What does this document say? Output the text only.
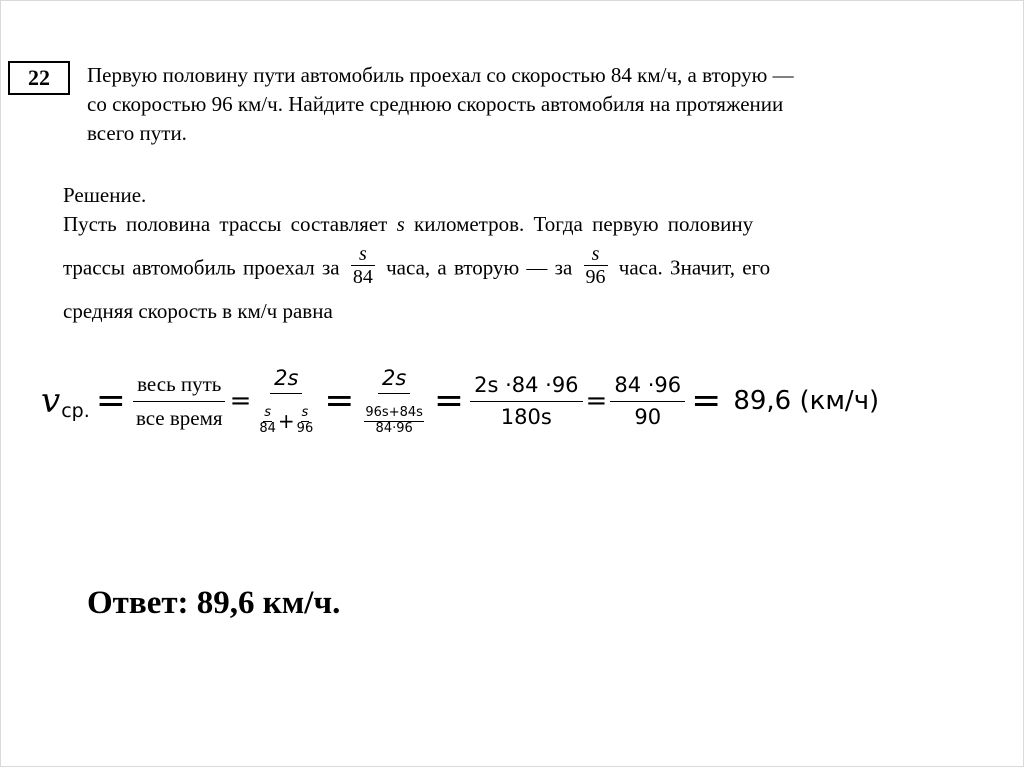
22	Первую половину пути автомобиль проехал со скоростью 84 км/ч, а вторую —
со скоростью 96 км/ч. Найдите среднюю скорость автомобиля на протяжении
всего пути.
Решение.
Пусть половина трассы составляет s километров. Тогда первую половину
трассы автомобиль проехал за $\frac{s}{84}$ часа, а вторую — за $\frac{s}{96}$ часа. Значит, его
средняя скорость в км/ч равна
v ср. = весь путь
все время
=
2s
$\frac{s}{84} + \frac{s}{96}$
= $\frac{2s}{\frac{96s+84s}{84\cdot 96}} = \frac{2s \cdot 84 \cdot 96}{180s} = \frac{84 \cdot 96}{90} = 89,6$ (км/ч)
Ответ: 89,6 км/ч.
